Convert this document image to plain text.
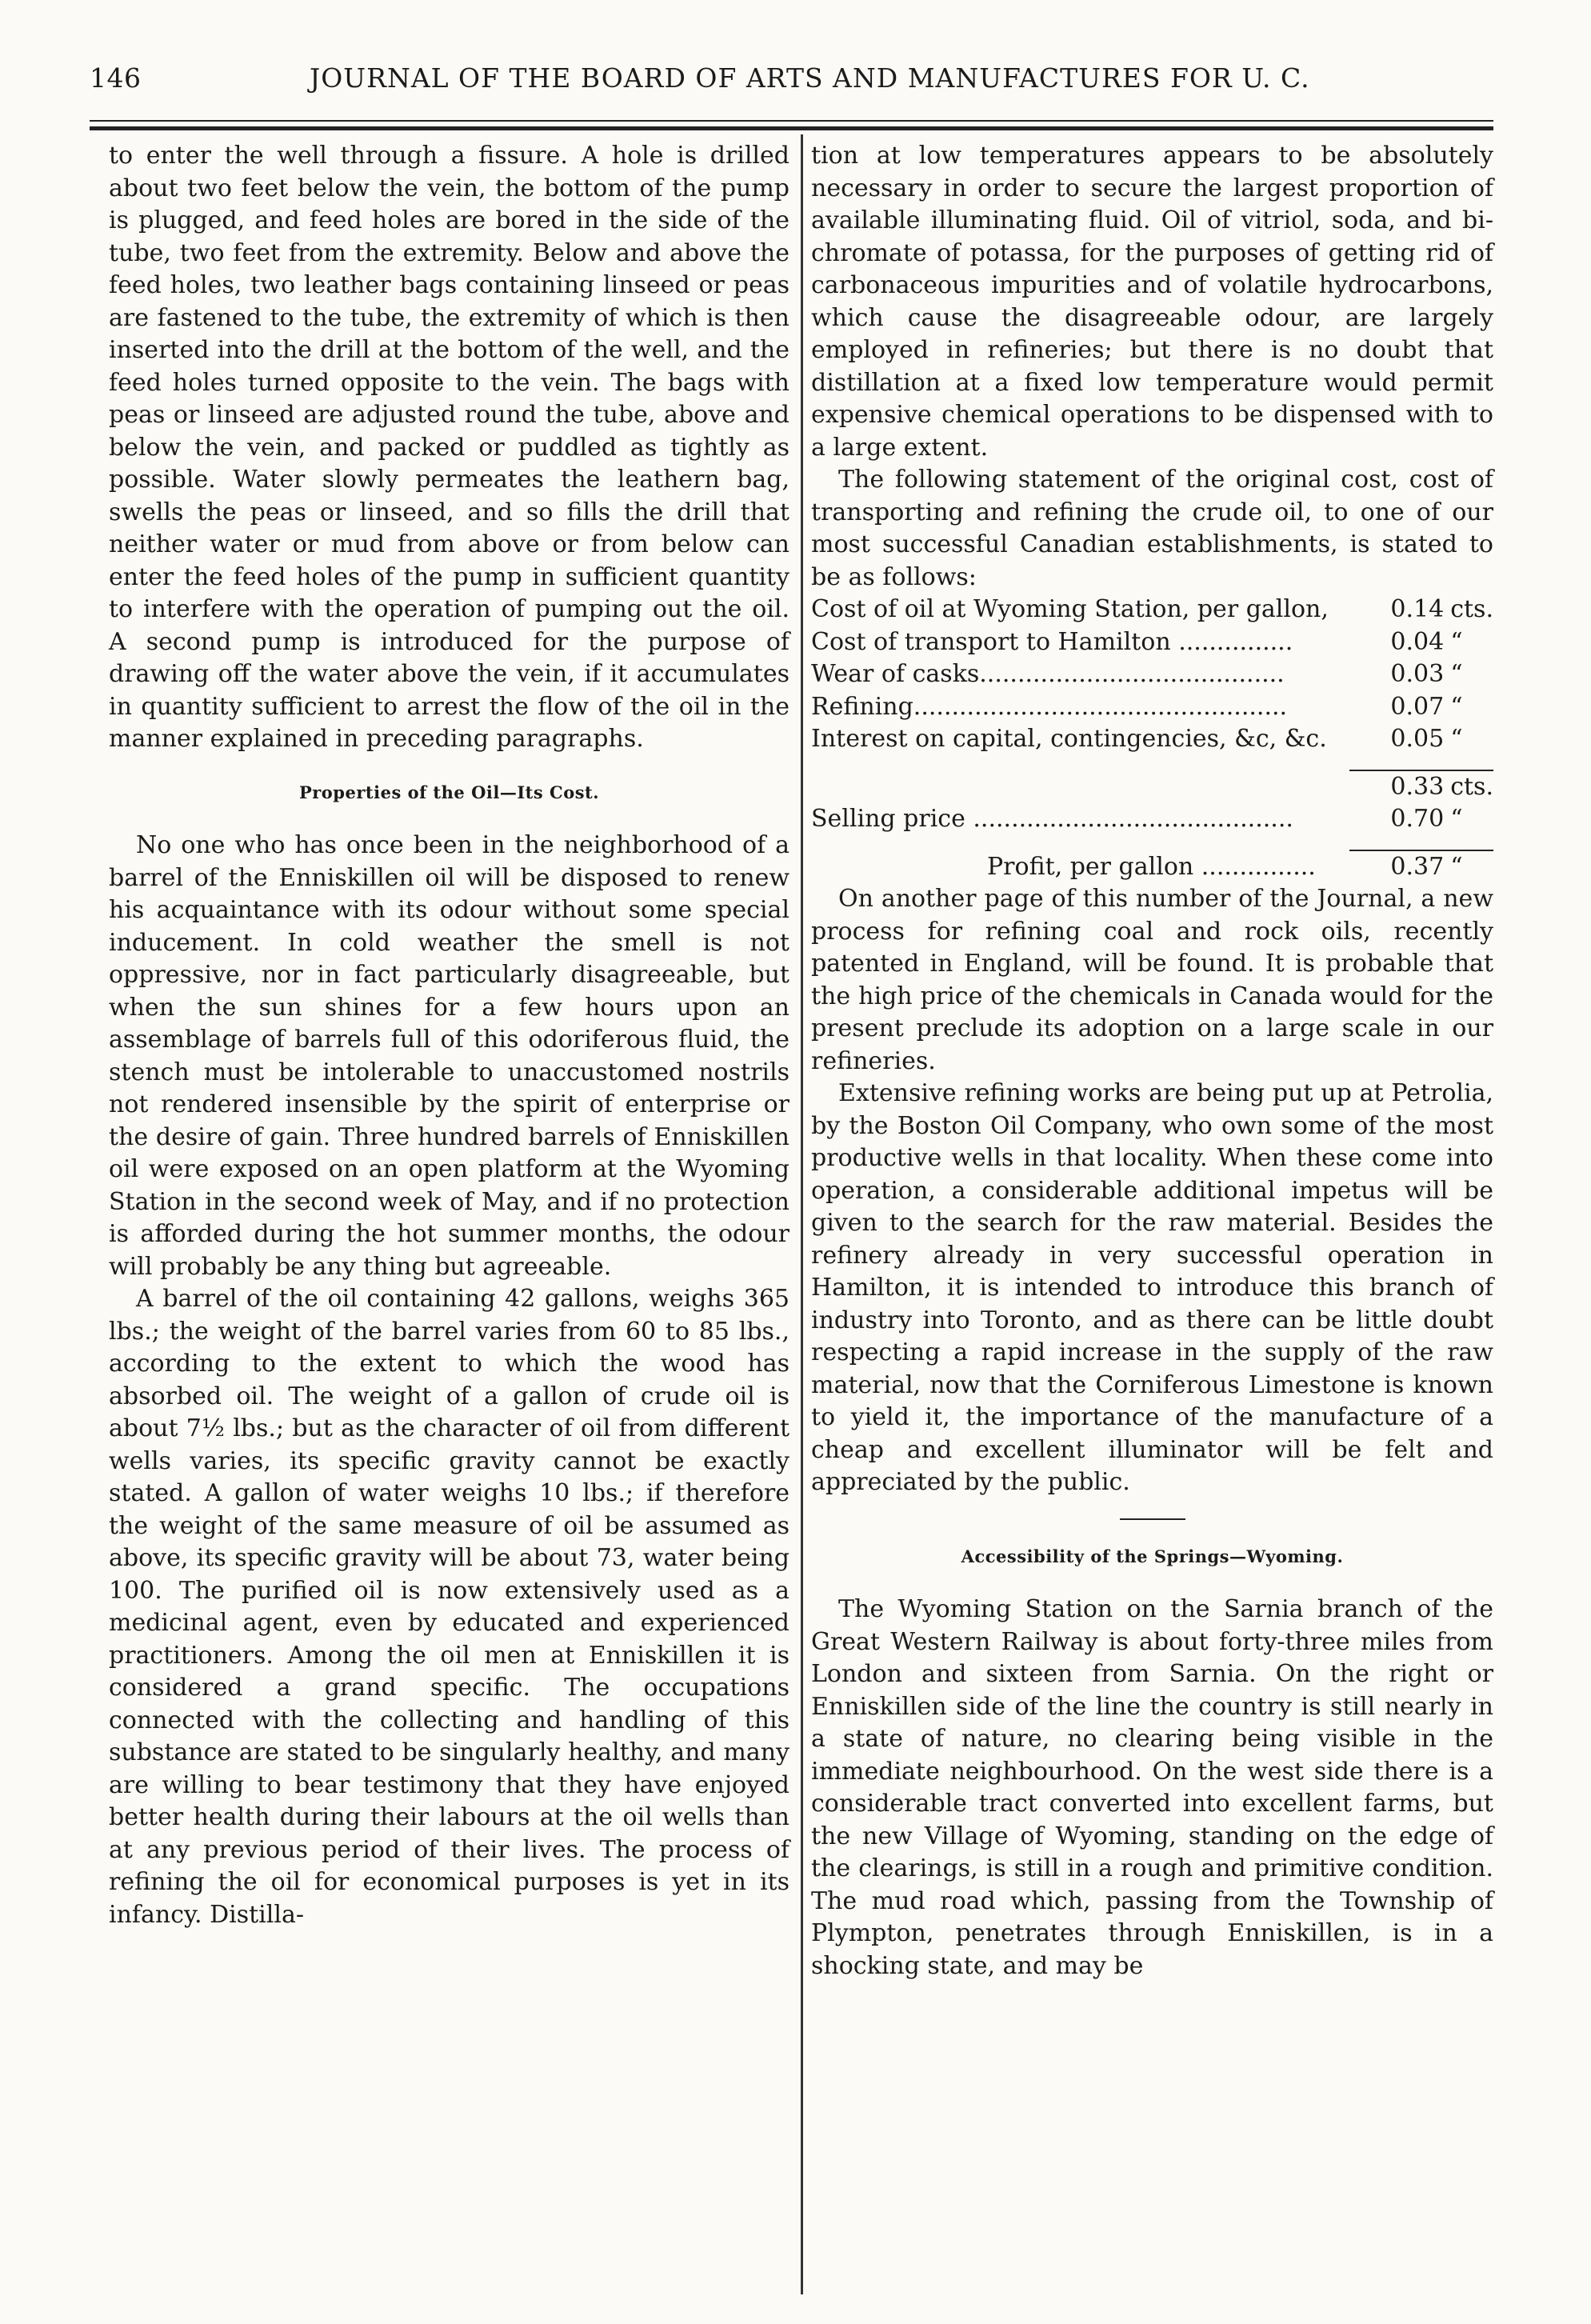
146	JOURNAL OF THE BOARD OF ARTS AND MANUFACTURES FOR U. C.

to enter the well through a fissure. A hole is drilled about two feet below the vein, the bottom of the pump is plugged, and feed holes are bored in the side of the tube, two feet from the extremity. Below and above the feed holes, two leather bags containing linseed or peas are fastened to the tube, the extremity of which is then inserted into the drill at the bottom of the well, and the feed holes turned opposite to the vein. The bags with peas or linseed are adjusted round the tube, above and below the vein, and packed or puddled as tightly as possible. Water slowly permeates the leathern bag, swells the peas or linseed, and so fills the drill that neither water or mud from above or from below can enter the feed holes of the pump in sufficient quantity to interfere with the operation of pumping out the oil. A second pump is introduced for the purpose of drawing off the water above the vein, if it accumulates in quantity sufficient to arrest the flow of the oil in the manner explained in preceding paragraphs.

Properties of the Oil—Its Cost.

No one who has once been in the neighborhood of a barrel of the Enniskillen oil will be disposed to renew his acquaintance with its odour without some special inducement. In cold weather the smell is not oppressive, nor in fact particularly disagreeable, but when the sun shines for a few hours upon an assemblage of barrels full of this odoriferous fluid, the stench must be intolerable to unaccustomed nostrils not rendered insensible by the spirit of enterprise or the desire of gain. Three hundred barrels of Enniskillen oil were exposed on an open platform at the Wyoming Station in the second week of May, and if no protection is afforded during the hot summer months, the odour will probably be any thing but agreeable.

A barrel of the oil containing 42 gallons, weighs 365 lbs.; the weight of the barrel varies from 60 to 85 lbs., according to the extent to which the wood has absorbed oil. The weight of a gallon of crude oil is about 7½ lbs.; but as the character of oil from different wells varies, its specific gravity cannot be exactly stated. A gallon of water weighs 10 lbs.; if therefore the weight of the same measure of oil be assumed as above, its specific gravity will be about 73, water being 100. The purified oil is now extensively used as a medicinal agent, even by educated and experienced practitioners. Among the oil men at Enniskillen it is considered a grand specific. The occupations connected with the collecting and handling of this substance are stated to be singularly healthy, and many are willing to bear testimony that they have enjoyed better health during their labours at the oil wells than at any previous period of their lives. The process of refining the oil for economical purposes is yet in its infancy. Distilla-

tion at low temperatures appears to be absolutely necessary in order to secure the largest proportion of available illuminating fluid. Oil of vitriol, soda, and bi-chromate of potassa, for the purposes of getting rid of carbonaceous impurities and of volatile hydrocarbons, which cause the disagreeable odour, are largely employed in refineries; but there is no doubt that distillation at a fixed low temperature would permit expensive chemical operations to be dispensed with to a large extent.

The following statement of the original cost, cost of transporting and refining the crude oil, to one of our most successful Canadian establishments, is stated to be as follows:

Cost of oil at Wyoming Station, per gallon,	0.14	cts.
Cost of transport to Hamilton ...............	0.04	“
Wear of casks........................................	0.03	“
Refining.................................................	0.07	“
Interest on capital, contingencies, &c, &c.	0.05	“

	0.33	cts.
Selling price ..........................................	0.70	“

Profit, per gallon ...............	0.37	“

On another page of this number of the Journal, a new process for refining coal and rock oils, recently patented in England, will be found. It is probable that the high price of the chemicals in Canada would for the present preclude its adoption on a large scale in our refineries.

Extensive refining works are being put up at Petrolia, by the Boston Oil Company, who own some of the most productive wells in that locality. When these come into operation, a considerable additional impetus will be given to the search for the raw material. Besides the refinery already in very successful operation in Hamilton, it is intended to introduce this branch of industry into Toronto, and as there can be little doubt respecting a rapid increase in the supply of the raw material, now that the Corniferous Limestone is known to yield it, the importance of the manufacture of a cheap and excellent illuminator will be felt and appreciated by the public.

Accessibility of the Springs—Wyoming.

The Wyoming Station on the Sarnia branch of the Great Western Railway is about forty-three miles from London and sixteen from Sarnia. On the right or Enniskillen side of the line the country is still nearly in a state of nature, no clearing being visible in the immediate neighbourhood. On the west side there is a considerable tract converted into excellent farms, but the new Village of Wyoming, standing on the edge of the clearings, is still in a rough and primitive condition. The mud road which, passing from the Township of Plympton, penetrates through Enniskillen, is in a shocking state, and may be
